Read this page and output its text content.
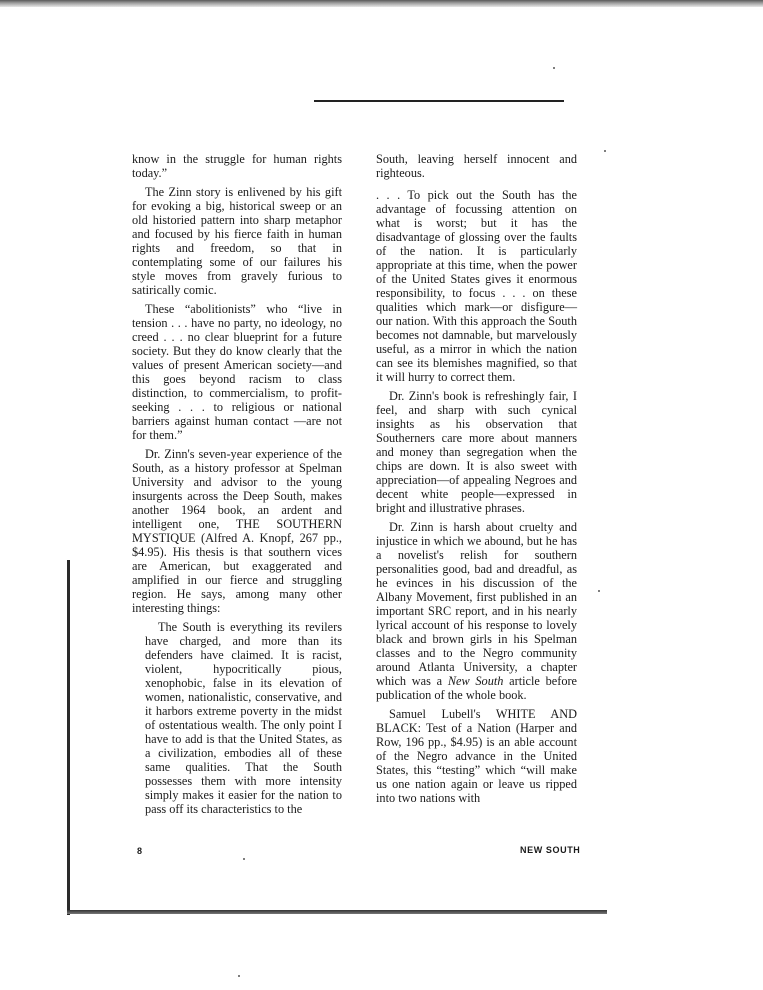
know in the struggle for human rights today.”

The Zinn story is enlivened by his gift for evoking a big, historical sweep or an old historied pattern into sharp metaphor and focused by his fierce faith in human rights and freedom, so that in contemplating some of our failures his style moves from gravely furious to satirically comic.

These “abolitionists” who “live in tension . . . have no party, no ideology, no creed . . . no clear blueprint for a future society. But they do know clearly that the values of present American society—and this goes beyond racism to class distinction, to commercialism, to profit-seeking . . . to religious or national barriers against human contact —are not for them.”

Dr. Zinn's seven-year experience of the South, as a history professor at Spelman University and advisor to the young insurgents across the Deep South, makes another 1964 book, an ardent and intelligent one, THE SOUTHERN MYSTIQUE (Alfred A. Knopf, 267 pp., $4.95). His thesis is that southern vices are American, but exaggerated and amplified in our fierce and struggling region. He says, among many other interesting things:

The South is everything its revilers have charged, and more than its defenders have claimed. It is racist, violent, hypocritically pious, xenophobic, false in its elevation of women, nationalistic, conservative, and it harbors extreme poverty in the midst of ostentatious wealth. The only point I have to add is that the United States, as a civilization, embodies all of these same qualities. That the South possesses them with more intensity simply makes it easier for the nation to pass off its characteristics to the

South, leaving herself innocent and righteous.

. . . To pick out the South has the advantage of focussing attention on what is worst; but it has the disadvantage of glossing over the faults of the nation. It is particularly appropriate at this time, when the power of the United States gives it enormous responsibility, to focus . . . on these qualities which mark—or disfigure—our nation. With this approach the South becomes not damnable, but marvelously useful, as a mirror in which the nation can see its blemishes magnified, so that it will hurry to correct them.

Dr. Zinn's book is refreshingly fair, I feel, and sharp with such cynical insights as his observation that Southerners care more about manners and money than segregation when the chips are down. It is also sweet with appreciation—of appealing Negroes and decent white people—expressed in bright and illustrative phrases.

Dr. Zinn is harsh about cruelty and injustice in which we abound, but he has a novelist's relish for southern personalities good, bad and dreadful, as he evinces in his discussion of the Albany Movement, first published in an important SRC report, and in his nearly lyrical account of his response to lovely black and brown girls in his Spelman classes and to the Negro community around Atlanta University, a chapter which was a New South article before publication of the whole book.

Samuel Lubell's WHITE AND BLACK: Test of a Nation (Harper and Row, 196 pp., $4.95) is an able account of the Negro advance in the United States, this “testing” which “will make us one nation again or leave us ripped into two nations with

8	NEW SOUTH
